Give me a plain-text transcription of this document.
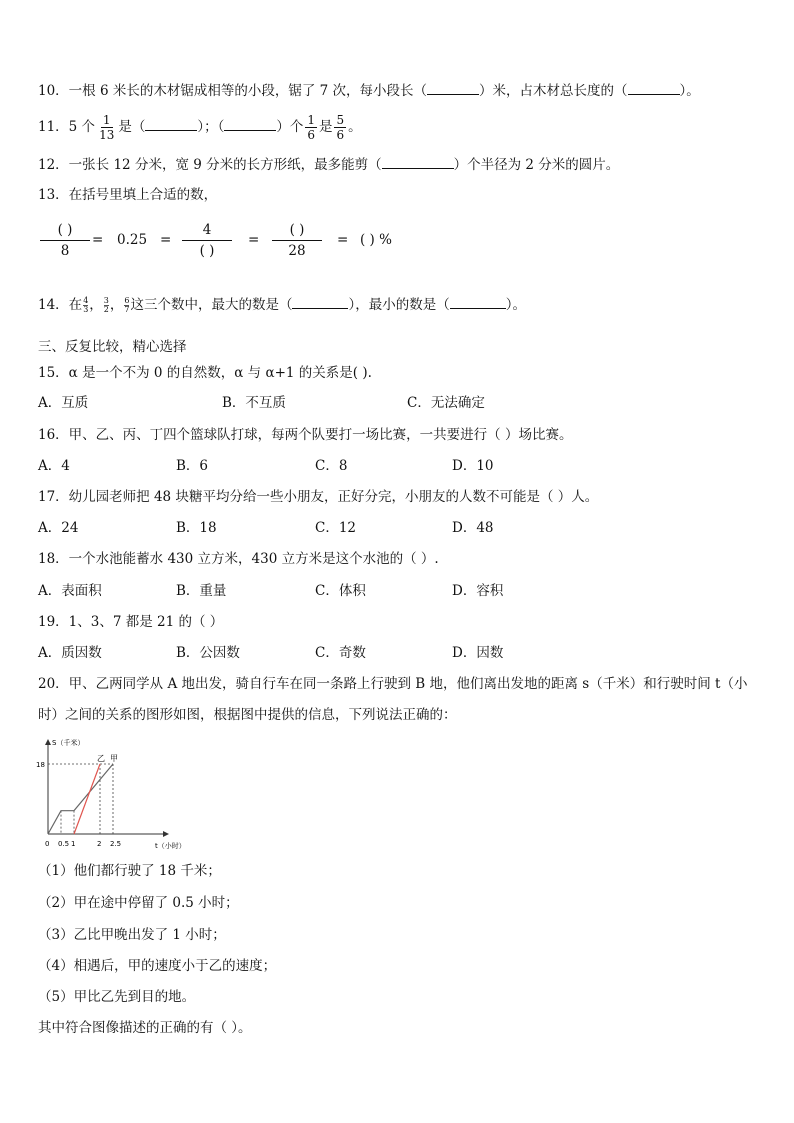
10．一根 6 米长的木材锯成相等的小段，锯了 7 次，每小段长（	）米，占木材总长度的（	）。
11．5 个 $\frac{1}{13}$ 是（	）；（	）个 $\frac{1}{6}$ 是 $\frac{5}{6}$ 。
12．一张长 12 分米，宽 9 分米的长方形纸，最多能剪（	）个半径为 2 分米的圆片。
13．在括号里填上合适的数，
( )
8
= 0.25 =
4
( )
=
( )
28
= ( ) %
14．在 $\frac{4}{3}$ ， $\frac{3}{2}$ ， $\frac{6}{7}$ 这三个数中，最大的数是（	），最小的数是（	）。
三、反复比较，精心选择
15．α 是一个不为 0 的自然数，α 与 α+1 的关系是( ).
A．互质	B．不互质	C．无法确定
16．甲、乙、丙、丁四个篮球队打球，每两个队要打一场比赛，一共要进行（ ）场比赛。
A．4	B．6	C．8	D．10
17．幼儿园老师把 48 块糖平均分给一些小朋友，正好分完，小朋友的人数不可能是（ ）人。
A．24	B．18	C．12	D．48
18．一个水池能蓄水 430 立方米，430 立方米是这个水池的（ ）.
A．表面积	B．重量	C．体积	D．容积
19．1、3、7 都是 21 的（ ）
A．质因数	B．公因数	C．奇数	D．因数
20．甲、乙两同学从 A 地出发，骑自行车在同一条路上行驶到 B 地，他们离出发地的距离 s（千米）和行驶时间 t（小
时）之间的关系的图形如图，根据图中提供的信息，下列说法正确的：
S（千米）
t（小时）
18
0 0.5 1	2 2.5
乙 甲
（1）他们都行驶了 18 千米；
（2）甲在途中停留了 0.5 小时；
（3）乙比甲晚出发了 1 小时；
（4）相遇后，甲的速度小于乙的速度；
（5）甲比乙先到目的地。
其中符合图像描述的正确的有（ ）。
